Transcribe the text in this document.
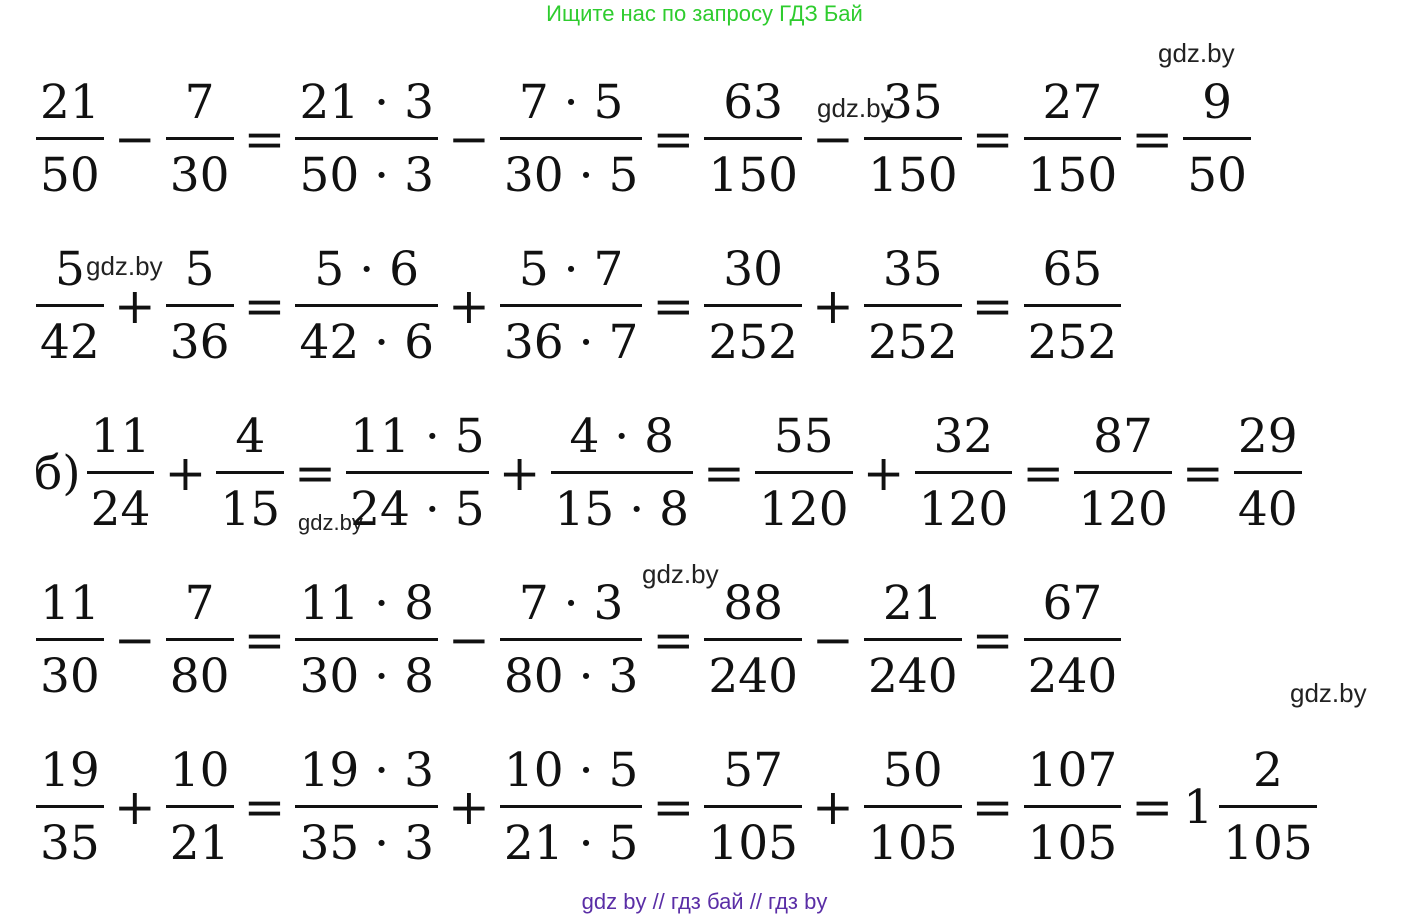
Ищите нас по запросу ГДЗ Бай
gdz.by
gdz.by
gdz.by
gdz.by
gdz.by
gdz.by
$\frac{21}{50} - \frac{7}{30} = \frac{21 \cdot 3}{50 \cdot 3} - \frac{7 \cdot 5}{30 \cdot 5} = \frac{63}{150} - \frac{35}{150} = \frac{27}{150} = \frac{9}{50}$
$\frac{5}{42} + \frac{5}{36} = \frac{5 \cdot 6}{42 \cdot 6} + \frac{5 \cdot 7}{36 \cdot 7} = \frac{30}{252} + \frac{35}{252} = \frac{65}{252}$
$б) \frac{11}{24} + \frac{4}{15} = \frac{11 \cdot 5}{24 \cdot 5} + \frac{4 \cdot 8}{15 \cdot 8} = \frac{55}{120} + \frac{32}{120} = \frac{87}{120} = \frac{29}{40}$
$\frac{11}{30} - \frac{7}{80} = \frac{11 \cdot 8}{30 \cdot 8} - \frac{7 \cdot 3}{80 \cdot 3} = \frac{88}{240} - \frac{21}{240} = \frac{67}{240}$
$\frac{19}{35} + \frac{10}{21} = \frac{19 \cdot 3}{35 \cdot 3} + \frac{10 \cdot 5}{21 \cdot 5} = \frac{57}{105} + \frac{50}{105} = \frac{107}{105} = 1 \frac{2}{105}$
gdz by // гдз бай // гдз by
